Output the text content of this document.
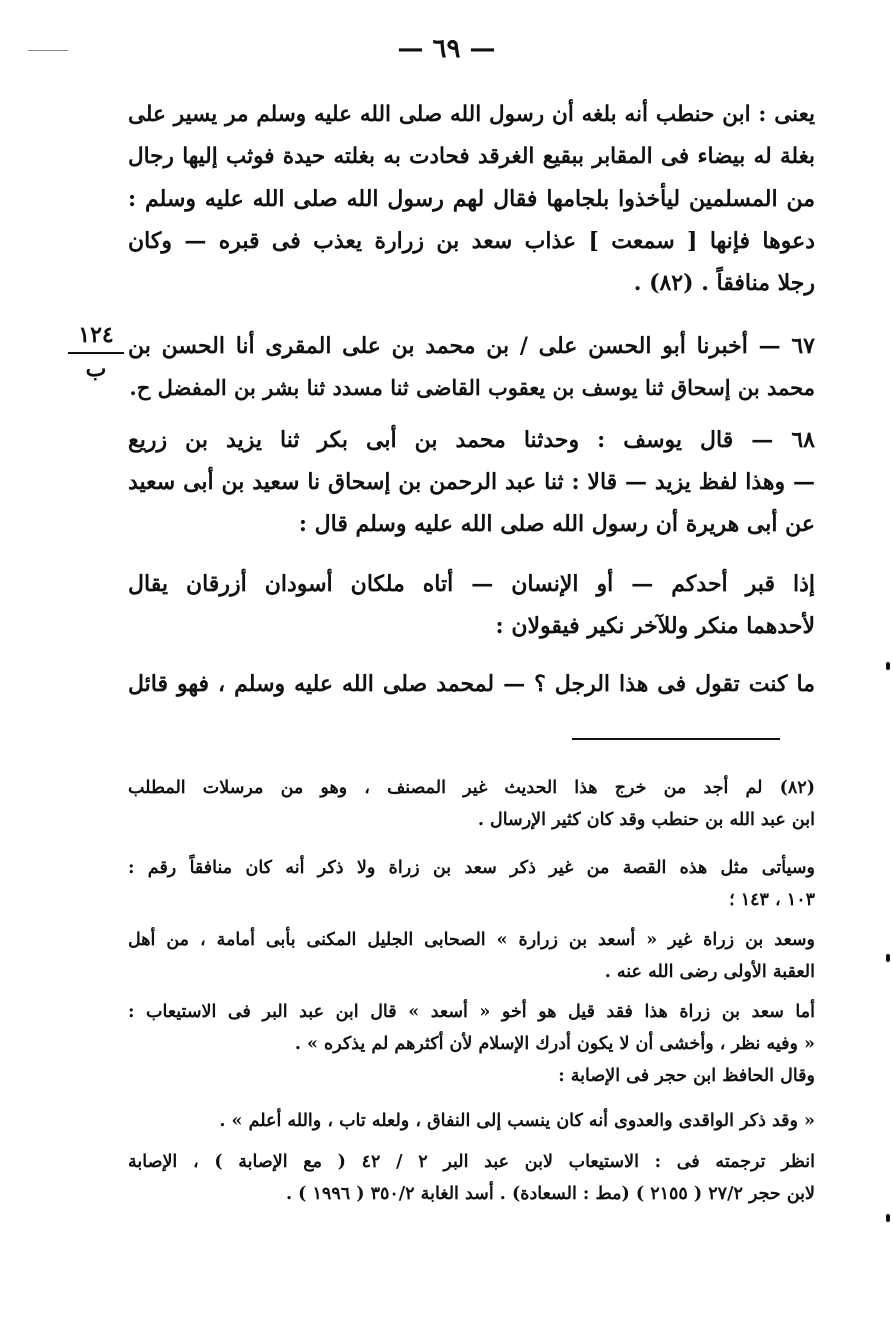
— ٦٩ —
١٢٤
ب
يعنى : ابن حنطب أنه بلغه أن رسول الله صلى الله عليه وسلم مر يسير على
بغلة له بيضاء فى المقابر ببقيع الغرقد فحادت به بغلته حيدة فوثب إليها رجال
من المسلمين ليأخذوا بلجامها فقال لهم رسول الله صلى الله عليه وسلم :
دعوها فإنها [ سمعت ] عذاب سعد بن زرارة يعذب فى قبره — وكان
رجلا منافقاً . (٨٢) .
٦٧ — أخبرنا أبو الحسن على / بن محمد بن على المقرى أنا الحسن بن
محمد بن إسحاق ثنا يوسف بن يعقوب القاضى ثنا مسدد ثنا بشر بن المفضل ح.
٦٨ — قال يوسف : وحدثنا محمد بن أبى بكر ثنا يزيد بن زريع
— وهذا لفظ يزيد — قالا : ثنا عبد الرحمن بن إسحاق نا سعيد بن أبى سعيد
عن أبى هريرة أن رسول الله صلى الله عليه وسلم قال :
إذا قبر أحدكم — أو الإنسان — أتاه ملكان أسودان أزرقان يقال
لأحدهما منكر وللآخر نكير فيقولان :
ما كنت تقول فى هذا الرجل ؟ — لمحمد صلى الله عليه وسلم ، فهو قائل
(٨٢) لم أجد من خرج هذا الحديث غير المصنف ، وهو من مرسلات المطلب
ابن عبد الله بن حنطب وقد كان كثير الإرسال .
وسيأتى مثل هذه القصة من غير ذكر سعد بن زراة ولا ذكر أنه كان منافقاً رقم :
١٠٣ ، ١٤٣ ؛
وسعد بن زراة غير « أسعد بن زرارة » الصحابى الجليل المكنى بأبى أمامة ، من أهل
العقبة الأولى رضى الله عنه .
أما سعد بن زراة هذا فقد قيل هو أخو « أسعد » قال ابن عبد البر فى الاستيعاب :
« وفيه نظر ، وأخشى أن لا يكون أدرك الإسلام لأن أكثرهم لم يذكره » .
وقال الحافظ ابن حجر فى الإصابة :
« وقد ذكر الواقدى والعدوى أنه كان ينسب إلى النفاق ، ولعله تاب ، والله أعلم » .
انظر ترجمته فى : الاستيعاب لابن عبد البر ٢ / ٤٢ ( مع الإصابة ) ، الإصابة
لابن حجر ٢٧/٢ ( ٢١٥٥ ) (مط : السعادة) . أسد الغابة ٣٥٠/٢ ( ١٩٩٦ ) .
